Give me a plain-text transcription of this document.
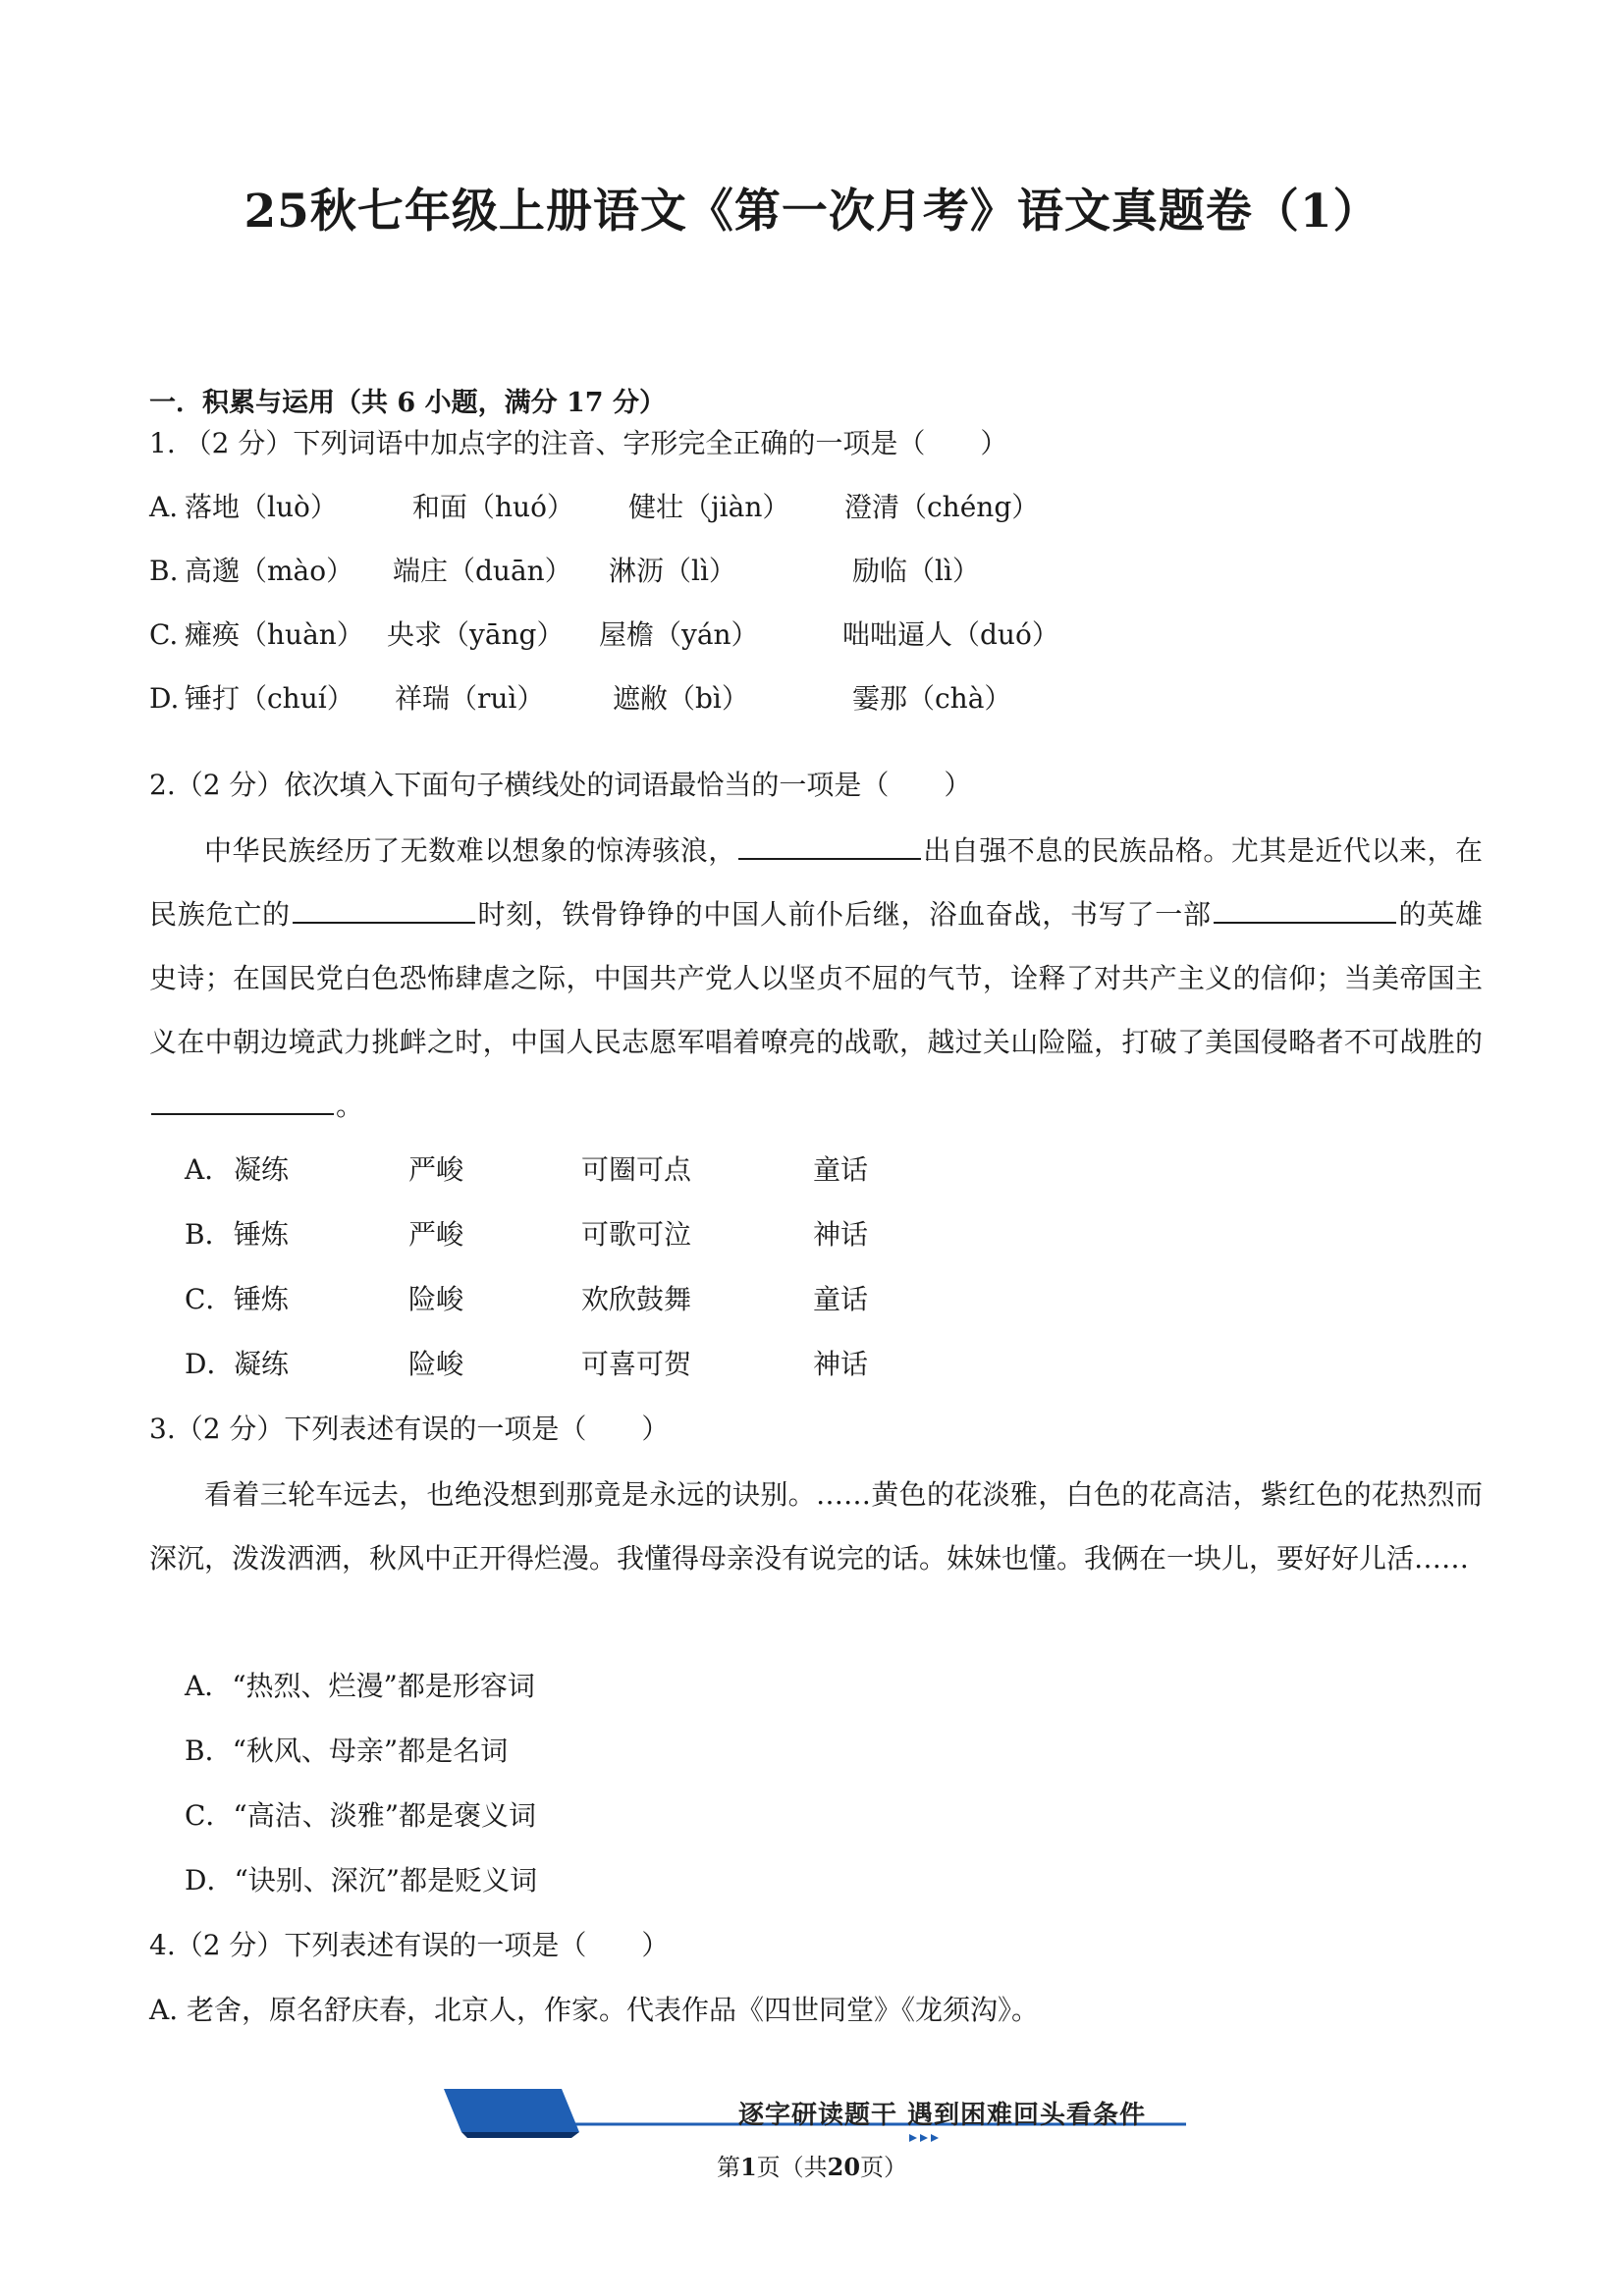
25秋七年级上册语文《第一次月考》语文真题卷（1）
一．积累与运用（共 6 小题，满分 17 分）
1. （2 分）下列词语中加点字的注音、字形完全正确的一项是（　　）
A. 落地（luò）	和面（huó） 健壮（jiàn） 澄清（chéng）
B. 高邈（mào） 端庄（duān） 淋沥（lì）	励临（lì）
C. 瘫痪（huàn） 央求（yāng） 屋檐（yán）	咄咄逼人（duó）
D. 锤打（chuí） 祥瑞（ruì） 遮敝（bì）	霎那（chà）
2.（2 分）依次填入下面句子横线处的词语最恰当的一项是（　　）
中华民族经历了无数难以想象的惊涛骇浪，	出自强不息的民族品格。尤其是近代以来，在民族危亡的	时刻，铁骨铮铮的中国人前仆后继，浴血奋战，书写了一部	的英雄史诗；在国民党白色恐怖肆虐之际，中国共产党人以坚贞不屈的气节，诠释了对共产主义的信仰；当美帝国主义在中朝边境武力挑衅之时，中国人民志愿军唱着嘹亮的战歌，越过关山险隘，打破了美国侵略者不可战胜的。
A． 凝练	严峻	可圈可点	童话
B． 锤炼	严峻	可歌可泣	神话
C． 锤炼	险峻	欢欣鼓舞	童话
D． 凝练	险峻	可喜可贺	神话
3.（2 分）下列表述有误的一项是（　　）
看着三轮车远去，也绝没想到那竟是永远的诀别。……黄色的花淡雅，白色的花高洁，紫红色的花热烈而深沉，泼泼洒洒，秋风中正开得烂漫。我懂得母亲没有说完的话。妹妹也懂。我俩在一块儿，要好好儿活……
A．“热烈、烂漫”都是形容词
B．“秋风、母亲”都是名词
C．“高洁、淡雅”都是褒义词
D．“诀别、深沉”都是贬义词
4.（2 分）下列表述有误的一项是（　　）
A. 老舍，原名舒庆春，北京人，作家。代表作品《四世同堂》《龙须沟》。
逐字研读题干 遇到困难回头看条件
第1页（共20页）
